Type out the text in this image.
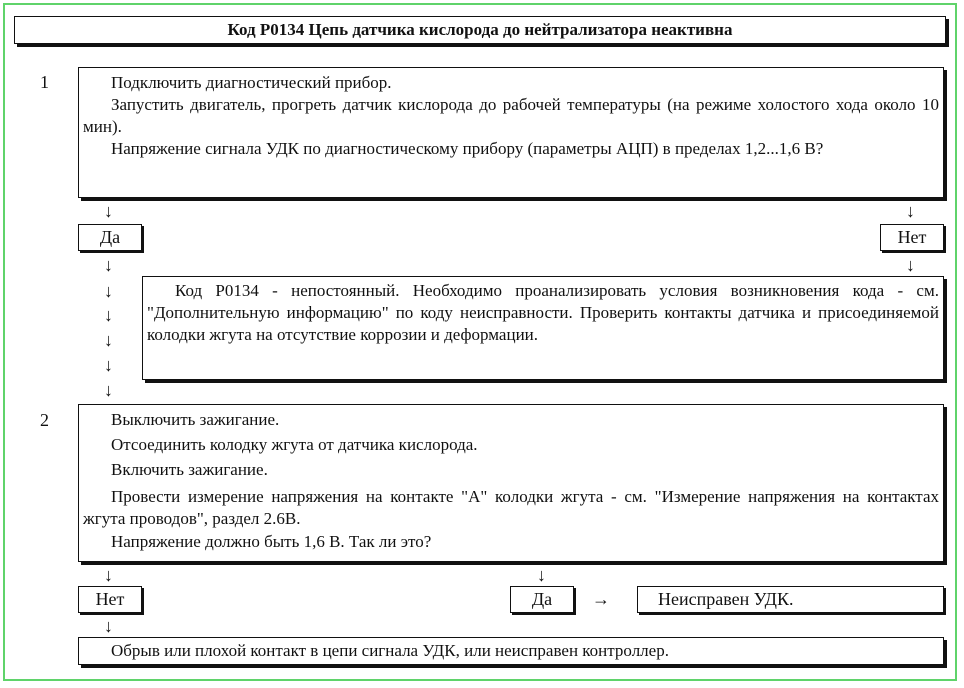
Код P0134 Цепь датчика кислорода до нейтрализатора неактивна
1	Подключить диагностический прибор.

Запустить двигатель, прогреть датчик кислорода до рабочей температуры (на режиме холостого хода около 10 мин).

Напряжение сигнала УДК по диагностическому прибору (параметры АЦП) в пределах 1,2...1,6 В?

↓	↓
Да	Нет
↓
↓
↓
↓
↓
↓
↓

Код P0134 - непостоянный. Необходимо проанализировать условия возникновения кода - см. "Дополнительную информацию" по коду неисправности. Проверить контакты датчика и присоединяемой колодки жгута на отсутствие коррозии и деформации.

2	Выключить зажигание.

Отсоединить колодку жгута от датчика кислорода.

Включить зажигание.

Провести измерение напряжения на контакте "А" колодки жгута - см. "Измерение напряжения на контактах жгута проводов", раздел 2.6В.

Напряжение должно быть 1,6 В. Так ли это?

↓	↓
Нет	Да	→	Неисправен УДК.
↓

Обрыв или плохой контакт в цепи сигнала УДК, или неисправен контроллер.
